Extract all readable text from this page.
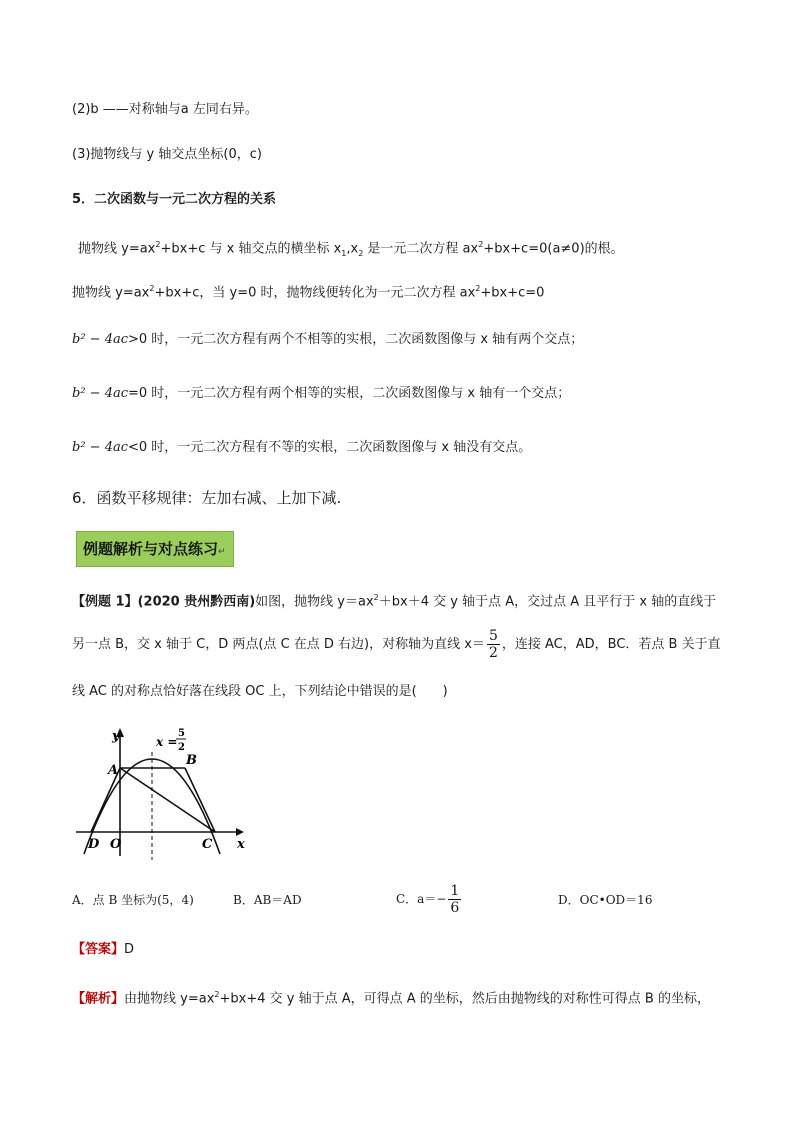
(2)b ——对称轴与a 左同右异。
(3)抛物线与 y 轴交点坐标(0，c)
5．二次函数与一元二次方程的关系
抛物线 $y=ax^2+bx+c$ 与 x 轴交点的横坐标 $x_1,x_2$ 是一元二次方程 $ax^2+bx+c=0(a\ne 0)$的根。
抛物线 $y=ax^2+bx+c$，当 y=0 时，抛物线便转化为一元二次方程 $ax^2+bx+c=0$
b² − 4ac>0 时，一元二次方程有两个不相等的实根，二次函数图像与 x 轴有两个交点；
b² − 4ac=0 时，一元二次方程有两个相等的实根，二次函数图像与 x 轴有一个交点；
b² − 4ac<0 时，一元二次方程有不等的实根，二次函数图像与 x 轴没有交点。
6．函数平移规律：左加右减、上加下减.
例题解析与对点练习↵
【例题 1】(2020 贵州黔西南)如图，抛物线 $y=ax^2+bx+4$ 交 y 轴于点 A，交过点 A 且平行于 x 轴的直线于
另一点 B，交 x 轴于 C，D 两点(点 C 在点 D 右边)，对称轴为直线 $x= \frac{5}{2}$ ，连接 AC，AD，BC．若点 B 关于直
线 AC 的对称点恰好落在线段 OC 上，下列结论中错误的是(　　)
y
x
x =
5
2
A
B
C
D O
A．点 B 坐标为(5，4)	B．AB＝AD	C．$a=- \frac{1}{6}$	D．OC•OD＝16
【答案】D
【解析】由抛物线 $y=ax^2+bx+4$ 交 y 轴于点 A，可得点 A 的坐标，然后由抛物线的对称性可得点 B 的坐标，
